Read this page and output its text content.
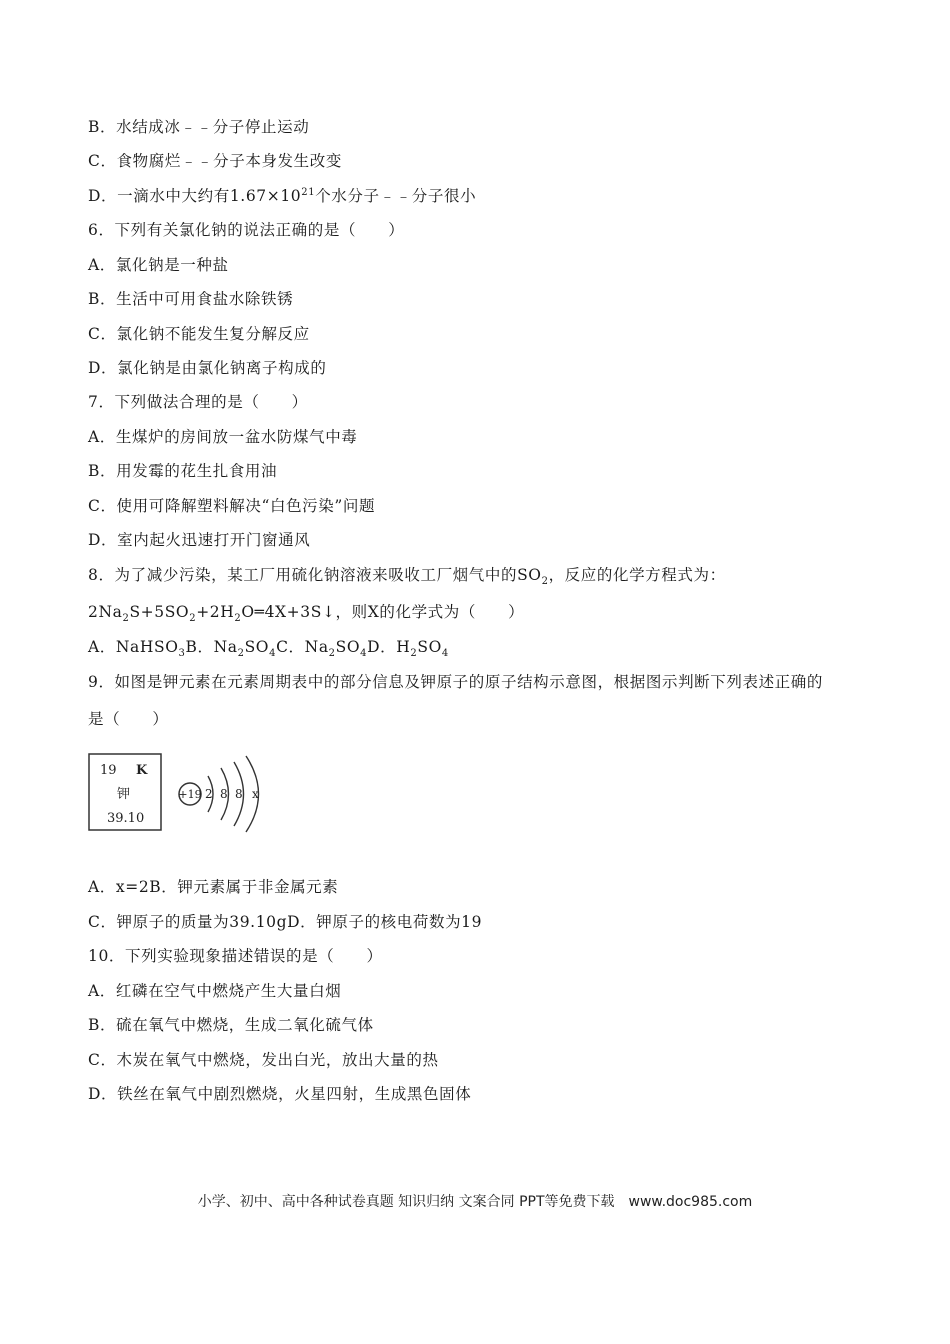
B．水结成冰﹣﹣分子停止运动
C．食物腐烂﹣﹣分子本身发生改变
D．一滴水中大约有$1.67\times 10^{21}$个水分子﹣﹣分子很小
6．下列有关氯化钠的说法正确的是（　　）
A．氯化钠是一种盐
B．生活中可用食盐水除铁锈
C．氯化钠不能发生复分解反应
D．氯化钠是由氯化钠离子构成的
7．下列做法合理的是（　　）
A．生煤炉的房间放一盆水防煤气中毒
B．用发霉的花生扎食用油
C．使用可降解塑料解决“白色污染”问题
D．室内起火迅速打开门窗通风
8．为了减少污染，某工厂用硫化钠溶液来吸收工厂烟气中的$SO_2$，反应的化学方程式为：
$2Na_2S+5SO_2+2H_2O═4X+3S↓$，则X的化学式为（　　）
A．NaHSO$_3$B．$Na_2SO_4C$．$Na_2SO_4D$．$H_2SO_4$
9．如图是钾元素在元素周期表中的部分信息及钾原子的原子结构示意图，根据图示判断下列表述正确的
是（　　）
19 K
钾
39.10
+19 2 8 8 x
A．x=2B．钾元素属于非金属元素
C．钾原子的质量为39.10gD．钾原子的核电荷数为19
10．下列实验现象描述错误的是（　　）
A．红磷在空气中燃烧产生大量白烟
B．硫在氧气中燃烧，生成二氧化硫气体
C．木炭在氧气中燃烧，发出白光，放出大量的热
D．铁丝在氧气中剧烈燃烧，火星四射，生成黑色固体
小学、初中、高中各种试卷真题 知识归纳 文案合同 PPT等免费下载　www.doc985.com
